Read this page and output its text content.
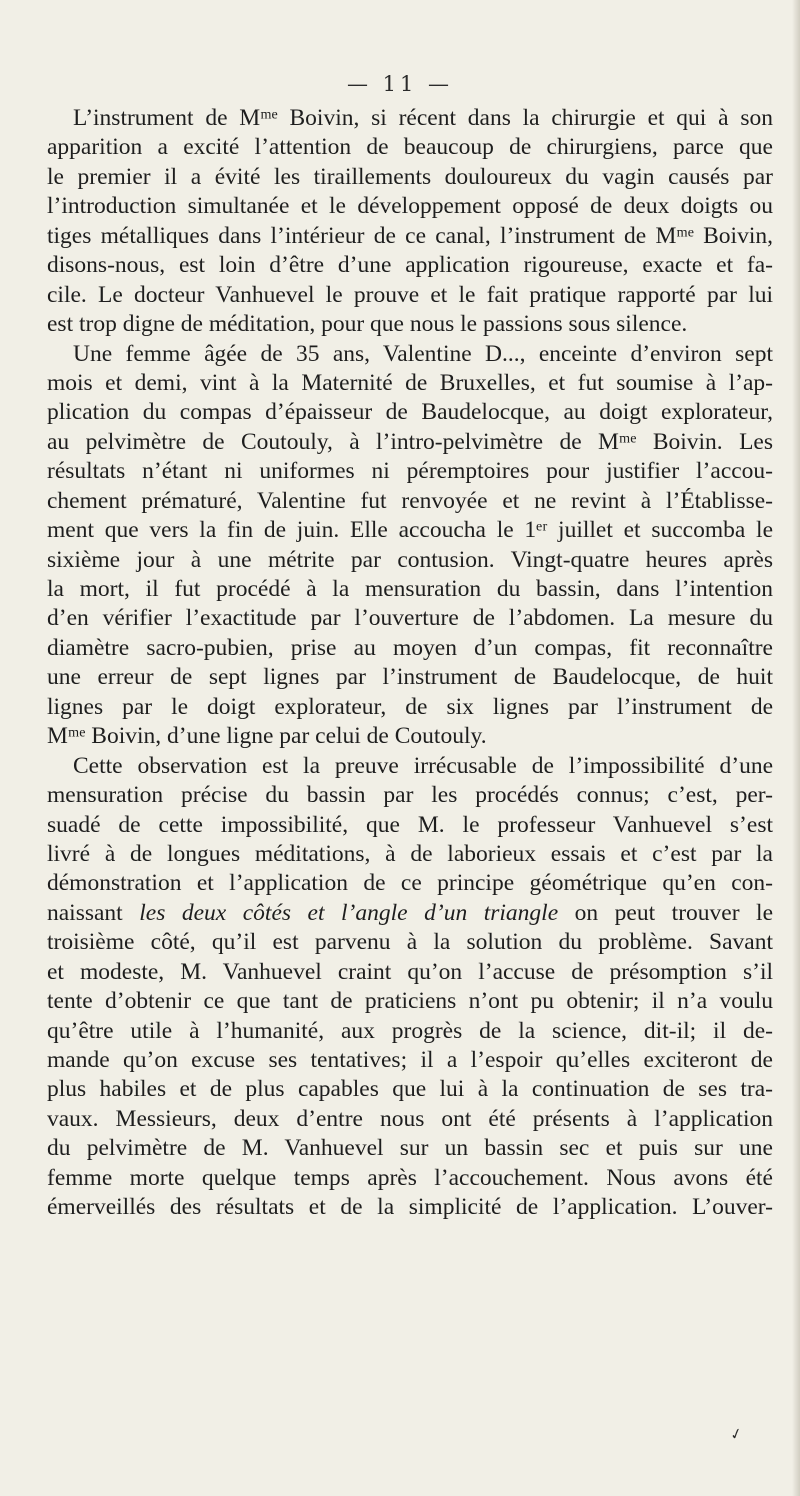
— 11 —
L’instrument de Mᵐᵉ Boivin, si récent dans la chirurgie et qui à son
apparition a excité l’attention de beaucoup de chirurgiens, parce que
le premier il a évité les tiraillements douloureux du vagin causés par
l’introduction simultanée et le développement opposé de deux doigts ou
tiges métalliques dans l’intérieur de ce canal, l’instrument de Mᵐᵉ Boivin,
disons-nous, est loin d’être d’une application rigoureuse, exacte et fa-
cile. Le docteur Vanhuevel le prouve et le fait pratique rapporté par lui
est trop digne de méditation, pour que nous le passions sous silence.
Une femme âgée de 35 ans, Valentine D..., enceinte d’environ sept
mois et demi, vint à la Maternité de Bruxelles, et fut soumise à l’ap-
plication du compas d’épaisseur de Baudelocque, au doigt explorateur,
au pelvimètre de Coutouly, à l’intro-pelvimètre de Mᵐᵉ Boivin. Les
résultats n’étant ni uniformes ni péremptoires pour justifier l’accou-
chement prématuré, Valentine fut renvoyée et ne revint à l’Établisse-
ment que vers la fin de juin. Elle accoucha le 1ᵉʳ juillet et succomba le
sixième jour à une métrite par contusion. Vingt-quatre heures après
la mort, il fut procédé à la mensuration du bassin, dans l’intention
d’en vérifier l’exactitude par l’ouverture de l’abdomen. La mesure du
diamètre sacro-pubien, prise au moyen d’un compas, fit reconnaître
une erreur de sept lignes par l’instrument de Baudelocque, de huit
lignes par le doigt explorateur, de six lignes par l’instrument de
Mᵐᵉ Boivin, d’une ligne par celui de Coutouly.
Cette observation est la preuve irrécusable de l’impossibilité d’une
mensuration précise du bassin par les procédés connus; c’est, per-
suadé de cette impossibilité, que M. le professeur Vanhuevel s’est
livré à de longues méditations, à de laborieux essais et c’est par la
démonstration et l’application de ce principe géométrique qu’en con-
naissant les deux côtés et l’angle d’un triangle on peut trouver le
troisième côté, qu’il est parvenu à la solution du problème. Savant
et modeste, M. Vanhuevel craint qu’on l’accuse de présomption s’il
tente d’obtenir ce que tant de praticiens n’ont pu obtenir; il n’a voulu
qu’être utile à l’humanité, aux progrès de la science, dit-il; il de-
mande qu’on excuse ses tentatives; il a l’espoir qu’elles exciteront de
plus habiles et de plus capables que lui à la continuation de ses tra-
vaux. Messieurs, deux d’entre nous ont été présents à l’application
du pelvimètre de M. Vanhuevel sur un bassin sec et puis sur une
femme morte quelque temps après l’accouchement. Nous avons été
émerveillés des résultats et de la simplicité de l’application. L’ouver-
✓
